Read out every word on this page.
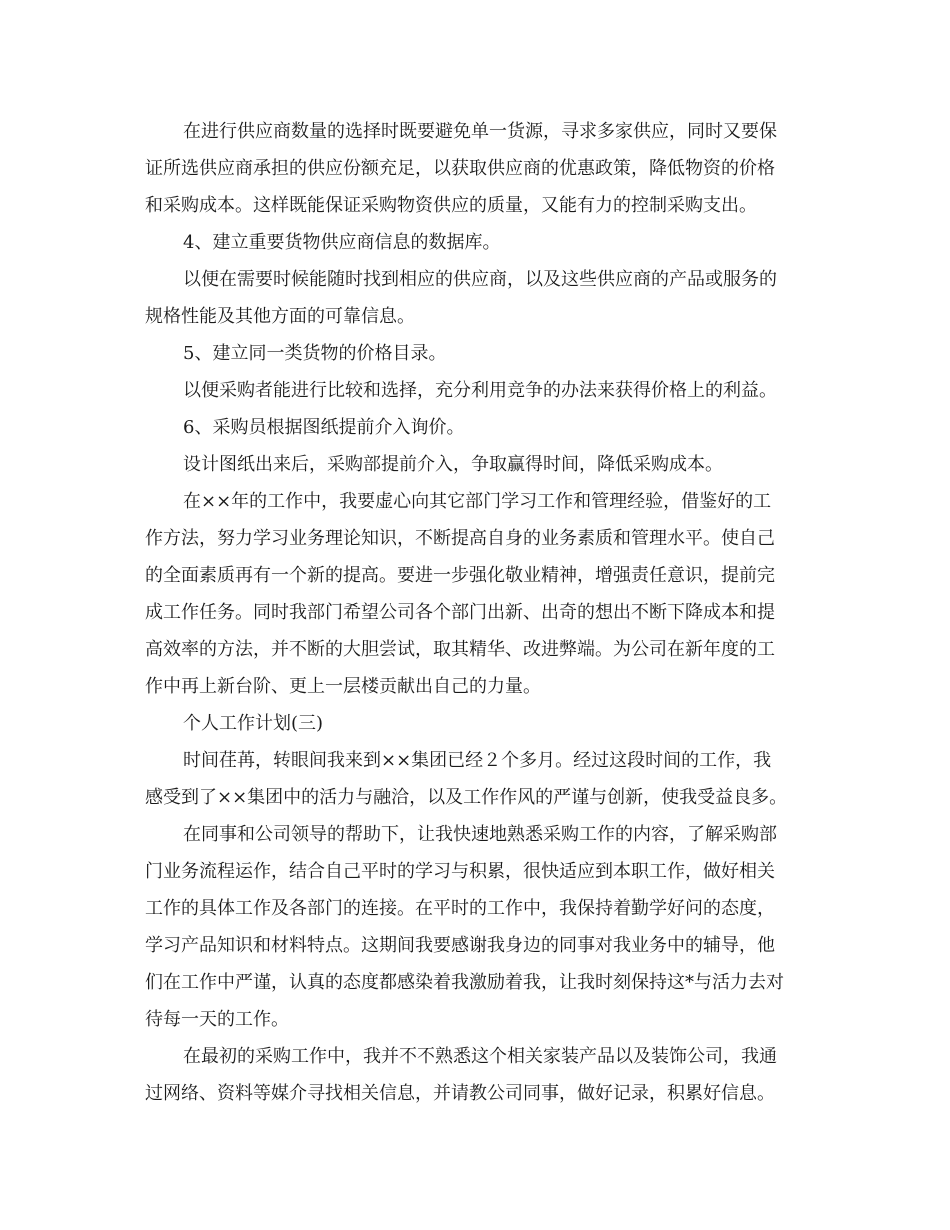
在进行供应商数量的选择时既要避免单一货源，寻求多家供应，同时又要保
证所选供应商承担的供应份额充足，以获取供应商的优惠政策，降低物资的价格
和采购成本。这样既能保证采购物资供应的质量，又能有力的控制采购支出。
4、建立重要货物供应商信息的数据库。
以便在需要时候能随时找到相应的供应商，以及这些供应商的产品或服务的
规格性能及其他方面的可靠信息。
5、建立同一类货物的价格目录。
以便采购者能进行比较和选择，充分利用竞争的办法来获得价格上的利益。
6、采购员根据图纸提前介入询价。
设计图纸出来后，采购部提前介入，争取赢得时间，降低采购成本。
在××年的工作中，我要虚心向其它部门学习工作和管理经验，借鉴好的工
作方法，努力学习业务理论知识，不断提高自身的业务素质和管理水平。使自己
的全面素质再有一个新的提高。要进一步强化敬业精神，增强责任意识，提前完
成工作任务。同时我部门希望公司各个部门出新、出奇的想出不断下降成本和提
高效率的方法，并不断的大胆尝试，取其精华、改进弊端。为公司在新年度的工
作中再上新台阶、更上一层楼贡献出自己的力量。
个人工作计划(三)
时间荏苒，转眼间我来到××集团已经２个多月。经过这段时间的工作，我
感受到了××集团中的活力与融洽，以及工作作风的严谨与创新，使我受益良多。
在同事和公司领导的帮助下，让我快速地熟悉采购工作的内容，了解采购部
门业务流程运作，结合自己平时的学习与积累，很快适应到本职工作，做好相关
工作的具体工作及各部门的连接。在平时的工作中，我保持着勤学好问的态度，
学习产品知识和材料特点。这期间我要感谢我身边的同事对我业务中的辅导，他
们在工作中严谨，认真的态度都感染着我激励着我，让我时刻保持这*与活力去对
待每一天的工作。
在最初的采购工作中，我并不不熟悉这个相关家装产品以及装饰公司，我通
过网络、资料等媒介寻找相关信息，并请教公司同事，做好记录，积累好信息。
